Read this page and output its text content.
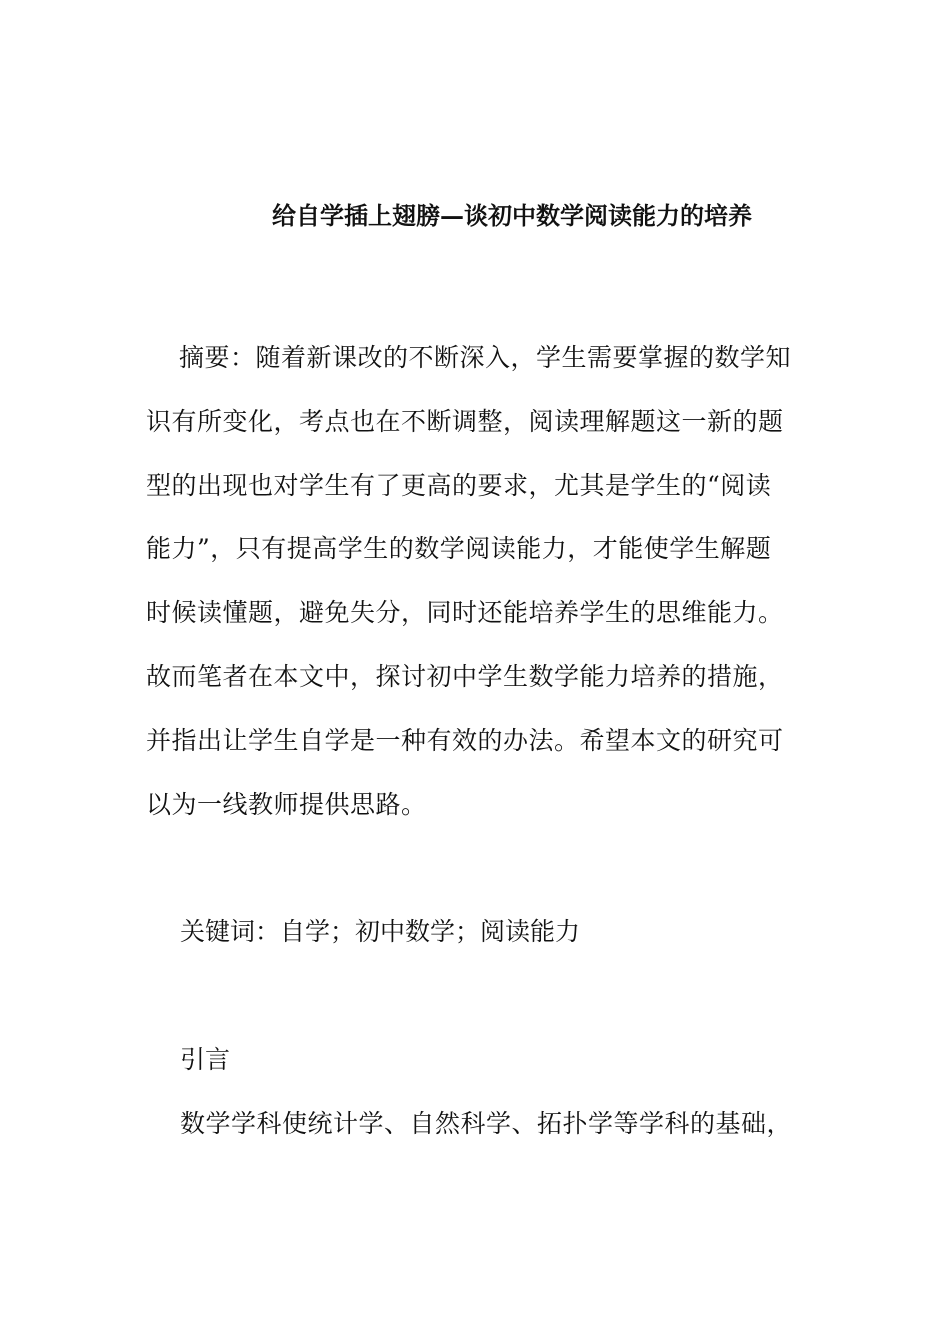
给自学插上翅膀—谈初中数学阅读能力的培养
摘要：随着新课改的不断深入，学生需要掌握的数学知
识有所变化，考点也在不断调整，阅读理解题这一新的题
型的出现也对学生有了更高的要求，尤其是学生的“阅读
能力”，只有提高学生的数学阅读能力，才能使学生解题
时候读懂题，避免失分，同时还能培养学生的思维能力。
故而笔者在本文中，探讨初中学生数学能力培养的措施，
并指出让学生自学是一种有效的办法。希望本文的研究可
以为一线教师提供思路。

关键词：自学；初中数学；阅读能力

引言

数学学科使统计学、自然科学、拓扑学等学科的基础，
